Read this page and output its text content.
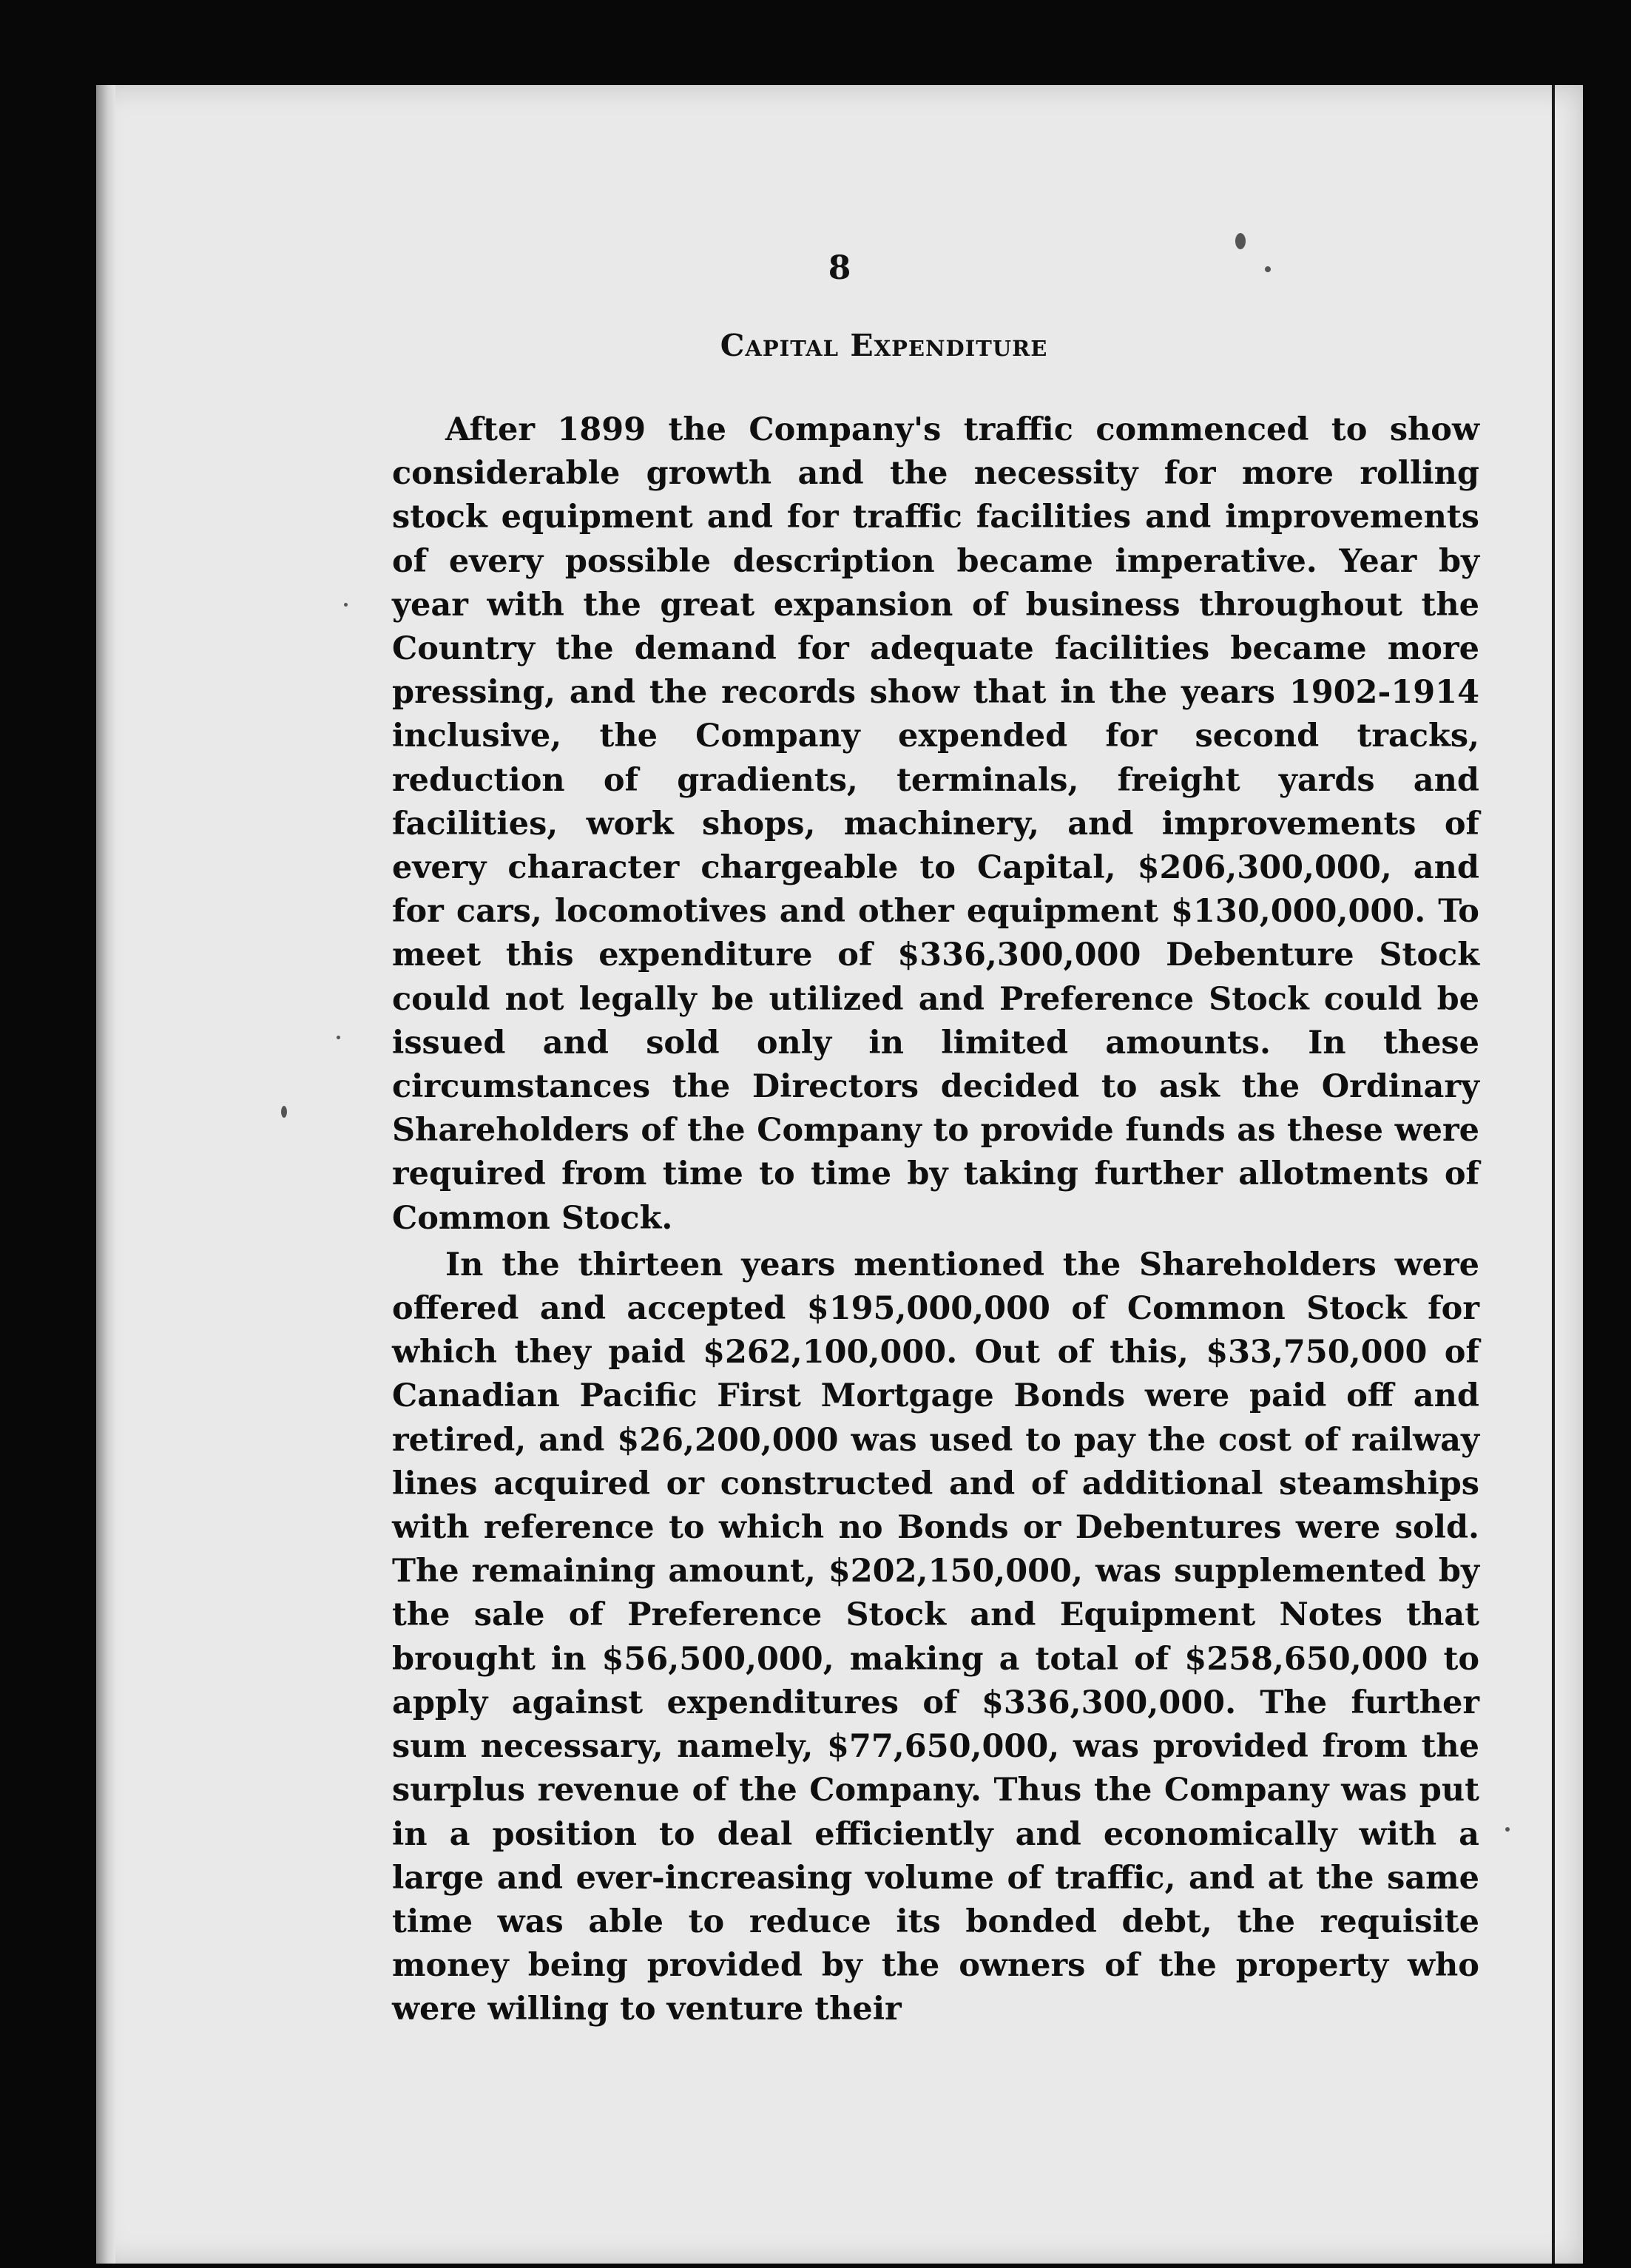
8
Capital Expenditure

After 1899 the Company's traffic commenced to show considerable growth and the necessity for more rolling stock equipment and for traffic facilities and improvements of every possible description became imperative. Year by year with the great expansion of business throughout the Country the demand for adequate facilities became more pressing, and the records show that in the years 1902-1914 inclusive, the Company expended for second tracks, reduction of gradients, terminals, freight yards and facilities, work shops, machinery, and improvements of every character chargeable to Capital, $206,300,000, and for cars, locomotives and other equipment $130,000,000. To meet this expenditure of $336,300,000 Debenture Stock could not legally be utilized and Preference Stock could be issued and sold only in limited amounts. In these circumstances the Directors decided to ask the Ordinary Shareholders of the Company to provide funds as these were required from time to time by taking further allotments of Common Stock.

In the thirteen years mentioned the Shareholders were offered and accepted $195,000,000 of Common Stock for which they paid $262,100,000. Out of this, $33,750,000 of Canadian Pacific First Mortgage Bonds were paid off and retired, and $26,200,000 was used to pay the cost of railway lines acquired or constructed and of additional steamships with reference to which no Bonds or Debentures were sold. The remaining amount, $202,150,000, was supplemented by the sale of Preference Stock and Equipment Notes that brought in $56,500,000, making a total of $258,650,000 to apply against expenditures of $336,300,000. The further sum necessary, namely, $77,650,000, was provided from the surplus revenue of the Company. Thus the Company was put in a position to deal efficiently and economically with a large and ever-increasing volume of traffic, and at the same time was able to reduce its bonded debt, the requisite money being provided by the owners of the property who were willing to venture their
